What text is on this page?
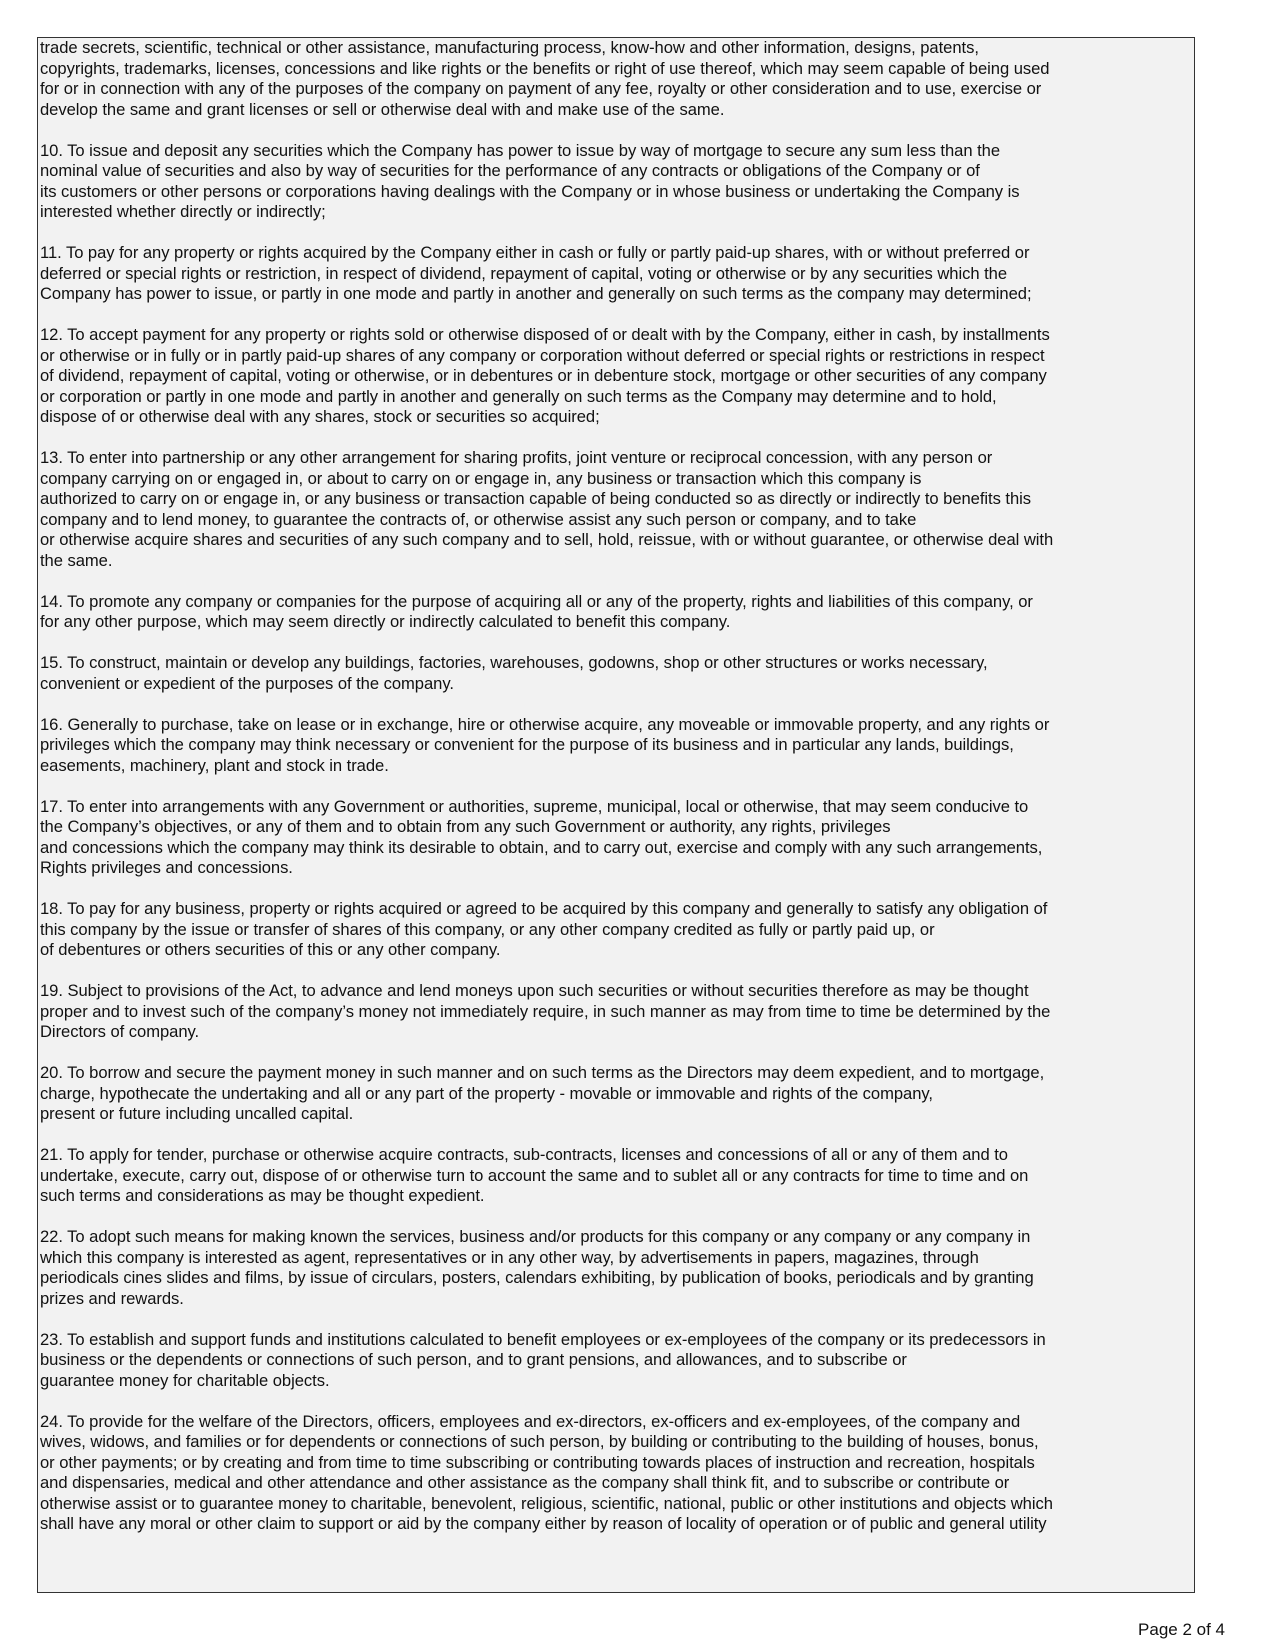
trade secrets, scientific, technical or other assistance, manufacturing process, know-how and other information, designs, patents,
copyrights, trademarks, licenses, concessions and like rights or the benefits or right of use thereof, which may seem capable of being used
for or in connection with any of the purposes of the company on payment of any fee, royalty or other consideration and to use, exercise or
develop the same and grant licenses or sell or otherwise deal with and make use of the same.
10. To issue and deposit any securities which the Company has power to issue by way of mortgage to secure any sum less than the
nominal value of securities and also by way of securities for the performance of any contracts or obligations of the Company or of
its customers or other persons or corporations having dealings with the Company or in whose business or undertaking the Company is
interested whether directly or indirectly;
11. To pay for any property or rights acquired by the Company either in cash or fully or partly paid-up shares, with or without preferred or
deferred or special rights or restriction, in respect of dividend, repayment of capital, voting or otherwise or by any securities which the
Company has power to issue, or partly in one mode and partly in another and generally on such terms as the company may determined;
12. To accept payment for any property or rights sold or otherwise disposed of or dealt with by the Company, either in cash, by installments
or otherwise or in fully or in partly paid-up shares of any company or corporation without deferred or special rights or restrictions in respect
of dividend, repayment of capital, voting or otherwise, or in debentures or in debenture stock, mortgage or other securities of any company
or corporation or partly in one mode and partly in another and generally on such terms as the Company may determine and to hold,
dispose of or otherwise deal with any shares, stock or securities so acquired;
13. To enter into partnership or any other arrangement for sharing profits, joint venture or reciprocal concession, with any person or
company carrying on or engaged in, or about to carry on or engage in, any business or transaction which this company is
authorized to carry on or engage in, or any business or transaction capable of being conducted so as directly or indirectly to benefits this
company and to lend money, to guarantee the contracts of, or otherwise assist any such person or company, and to take
or otherwise acquire shares and securities of any such company and to sell, hold, reissue, with or without guarantee, or otherwise deal with
the same.
14. To promote any company or companies for the purpose of acquiring all or any of the property, rights and liabilities of this company, or
for any other purpose, which may seem directly or indirectly calculated to benefit this company.
15. To construct, maintain or develop any buildings, factories, warehouses, godowns, shop or other structures or works necessary,
convenient or expedient of the purposes of the company.
16. Generally to purchase, take on lease or in exchange, hire or otherwise acquire, any moveable or immovable property, and any rights or
privileges which the company may think necessary or convenient for the purpose of its business and in particular any lands, buildings,
easements, machinery, plant and stock in trade.
17. To enter into arrangements with any Government or authorities, supreme, municipal, local or otherwise, that may seem conducive to
the Company’s objectives, or any of them and to obtain from any such Government or authority, any rights, privileges
and concessions which the company may think its desirable to obtain, and to carry out, exercise and comply with any such arrangements,
Rights privileges and concessions.
18. To pay for any business, property or rights acquired or agreed to be acquired by this company and generally to satisfy any obligation of
this company by the issue or transfer of shares of this company, or any other company credited as fully or partly paid up, or
of debentures or others securities of this or any other company.
19. Subject to provisions of the Act, to advance and lend moneys upon such securities or without securities therefore as may be thought
proper and to invest such of the company’s money not immediately require, in such manner as may from time to time be determined by the
Directors of company.
20. To borrow and secure the payment money in such manner and on such terms as the Directors may deem expedient, and to mortgage,
charge, hypothecate the undertaking and all or any part of the property - movable or immovable and rights of the company,
present or future including uncalled capital.
21. To apply for tender, purchase or otherwise acquire contracts, sub-contracts, licenses and concessions of all or any of them and to
undertake, execute, carry out, dispose of or otherwise turn to account the same and to sublet all or any contracts for time to time and on
such terms and considerations as may be thought expedient.
22. To adopt such means for making known the services, business and/or products for this company or any company or any company in
which this company is interested as agent, representatives or in any other way, by advertisements in papers, magazines, through
periodicals cines slides and films, by issue of circulars, posters, calendars exhibiting, by publication of books, periodicals and by granting
prizes and rewards.
23. To establish and support funds and institutions calculated to benefit employees or ex-employees of the company or its predecessors in
business or the dependents or connections of such person, and to grant pensions, and allowances, and to subscribe or
guarantee money for charitable objects.
24. To provide for the welfare of the Directors, officers, employees and ex-directors, ex-officers and ex-employees, of the company and
wives, widows, and families or for dependents or connections of such person, by building or contributing to the building of houses, bonus,
or other payments; or by creating and from time to time subscribing or contributing towards places of instruction and recreation, hospitals
and dispensaries, medical and other attendance and other assistance as the company shall think fit, and to subscribe or contribute or
otherwise assist or to guarantee money to charitable, benevolent, religious, scientific, national, public or other institutions and objects which
shall have any moral or other claim to support or aid by the company either by reason of locality of operation or of public and general utility
Page 2 of 4
